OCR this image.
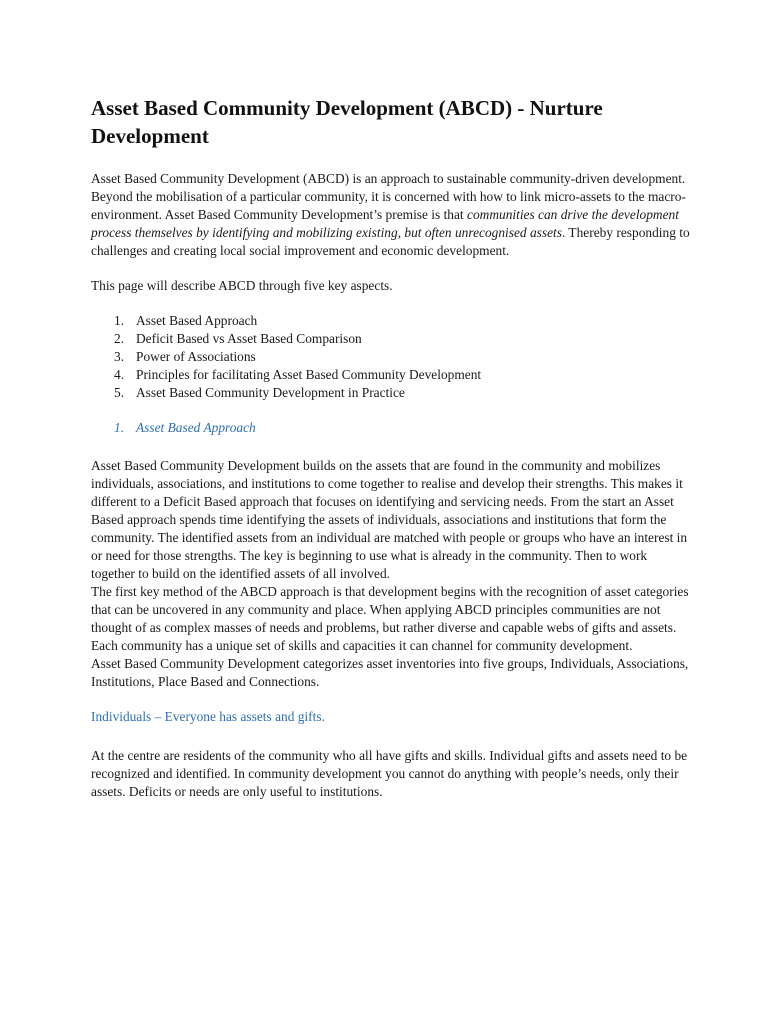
Asset Based Community Development (ABCD) - Nurture Development

Asset Based Community Development (ABCD) is an approach to sustainable community-driven development. Beyond the mobilisation of a particular community, it is concerned with how to link micro-assets to the macro-environment. Asset Based Community Development’s premise is that communities can drive the development process themselves by identifying and mobilizing existing, but often unrecognised assets. Thereby responding to challenges and creating local social improvement and economic development.

This page will describe ABCD through five key aspects.

1. Asset Based Approach
2. Deficit Based vs Asset Based Comparison
3. Power of Associations
4. Principles for facilitating Asset Based Community Development
5. Asset Based Community Development in Practice
1. Asset Based Approach

Asset Based Community Development builds on the assets that are found in the community and mobilizes individuals, associations, and institutions to come together to realise and develop their strengths. This makes it different to a Deficit Based approach that focuses on identifying and servicing needs. From the start an Asset Based approach spends time identifying the assets of individuals, associations and institutions that form the community. The identified assets from an individual are matched with people or groups who have an interest in or need for those strengths. The key is beginning to use what is already in the community. Then to work together to build on the identified assets of all involved.

The first key method of the ABCD approach is that development begins with the recognition of asset categories that can be uncovered in any community and place. When applying ABCD principles communities are not thought of as complex masses of needs and problems, but rather diverse and capable webs of gifts and assets. Each community has a unique set of skills and capacities it can channel for community development.

Asset Based Community Development categorizes asset inventories into five groups, Individuals, Associations, Institutions, Place Based and Connections.

Individuals – Everyone has assets and gifts.

At the centre are residents of the community who all have gifts and skills. Individual gifts and assets need to be recognized and identified. In community development you cannot do anything with people’s needs, only their assets. Deficits or needs are only useful to institutions.
